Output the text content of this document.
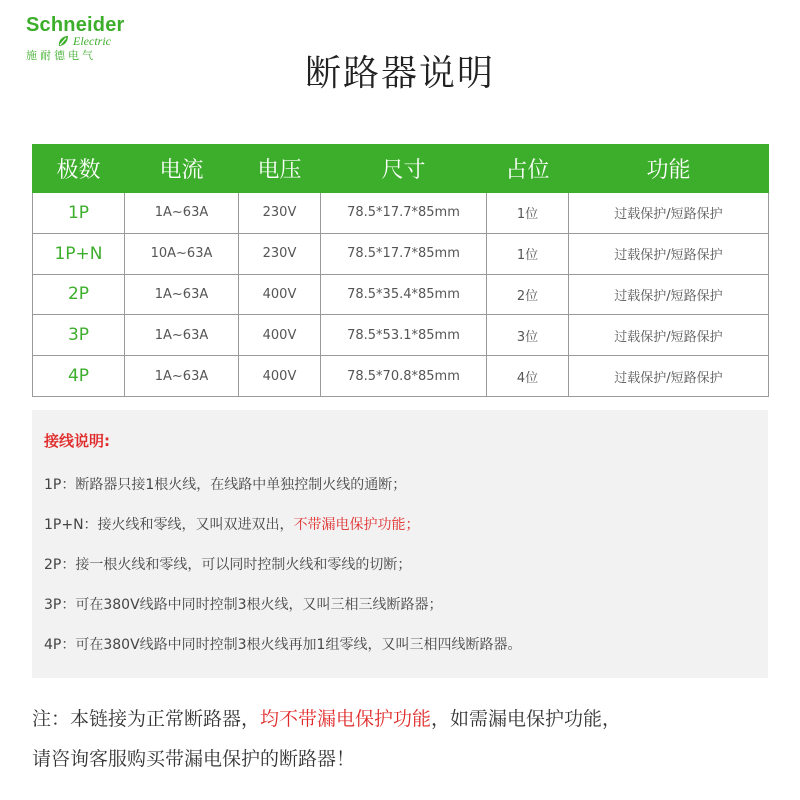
Schneider
Electric
施耐德电气	断路器说明
极数	电流	电压	尺寸	占位	功能
1P	1A~63A	230V	78.5*17.7*85mm	1位	过载保护/短路保护
1P+N	10A~63A	230V	78.5*17.7*85mm	1位	过载保护/短路保护
2P	1A~63A	400V	78.5*35.4*85mm	2位	过载保护/短路保护
3P	1A~63A	400V	78.5*53.1*85mm	3位	过载保护/短路保护
4P	1A~63A	400V	78.5*70.8*85mm	4位	过载保护/短路保护
接线说明:
1P：断路器只接1根火线，在线路中单独控制火线的通断；
1P+N：接火线和零线，又叫双进双出，不带漏电保护功能；
2P：接一根火线和零线，可以同时控制火线和零线的切断；
3P：可在380V线路中同时控制3根火线，又叫三相三线断路器；
4P：可在380V线路中同时控制3根火线再加1组零线，又叫三相四线断路器。
注：本链接为正常断路器，均不带漏电保护功能，如需漏电保护功能，
请咨询客服购买带漏电保护的断路器！
